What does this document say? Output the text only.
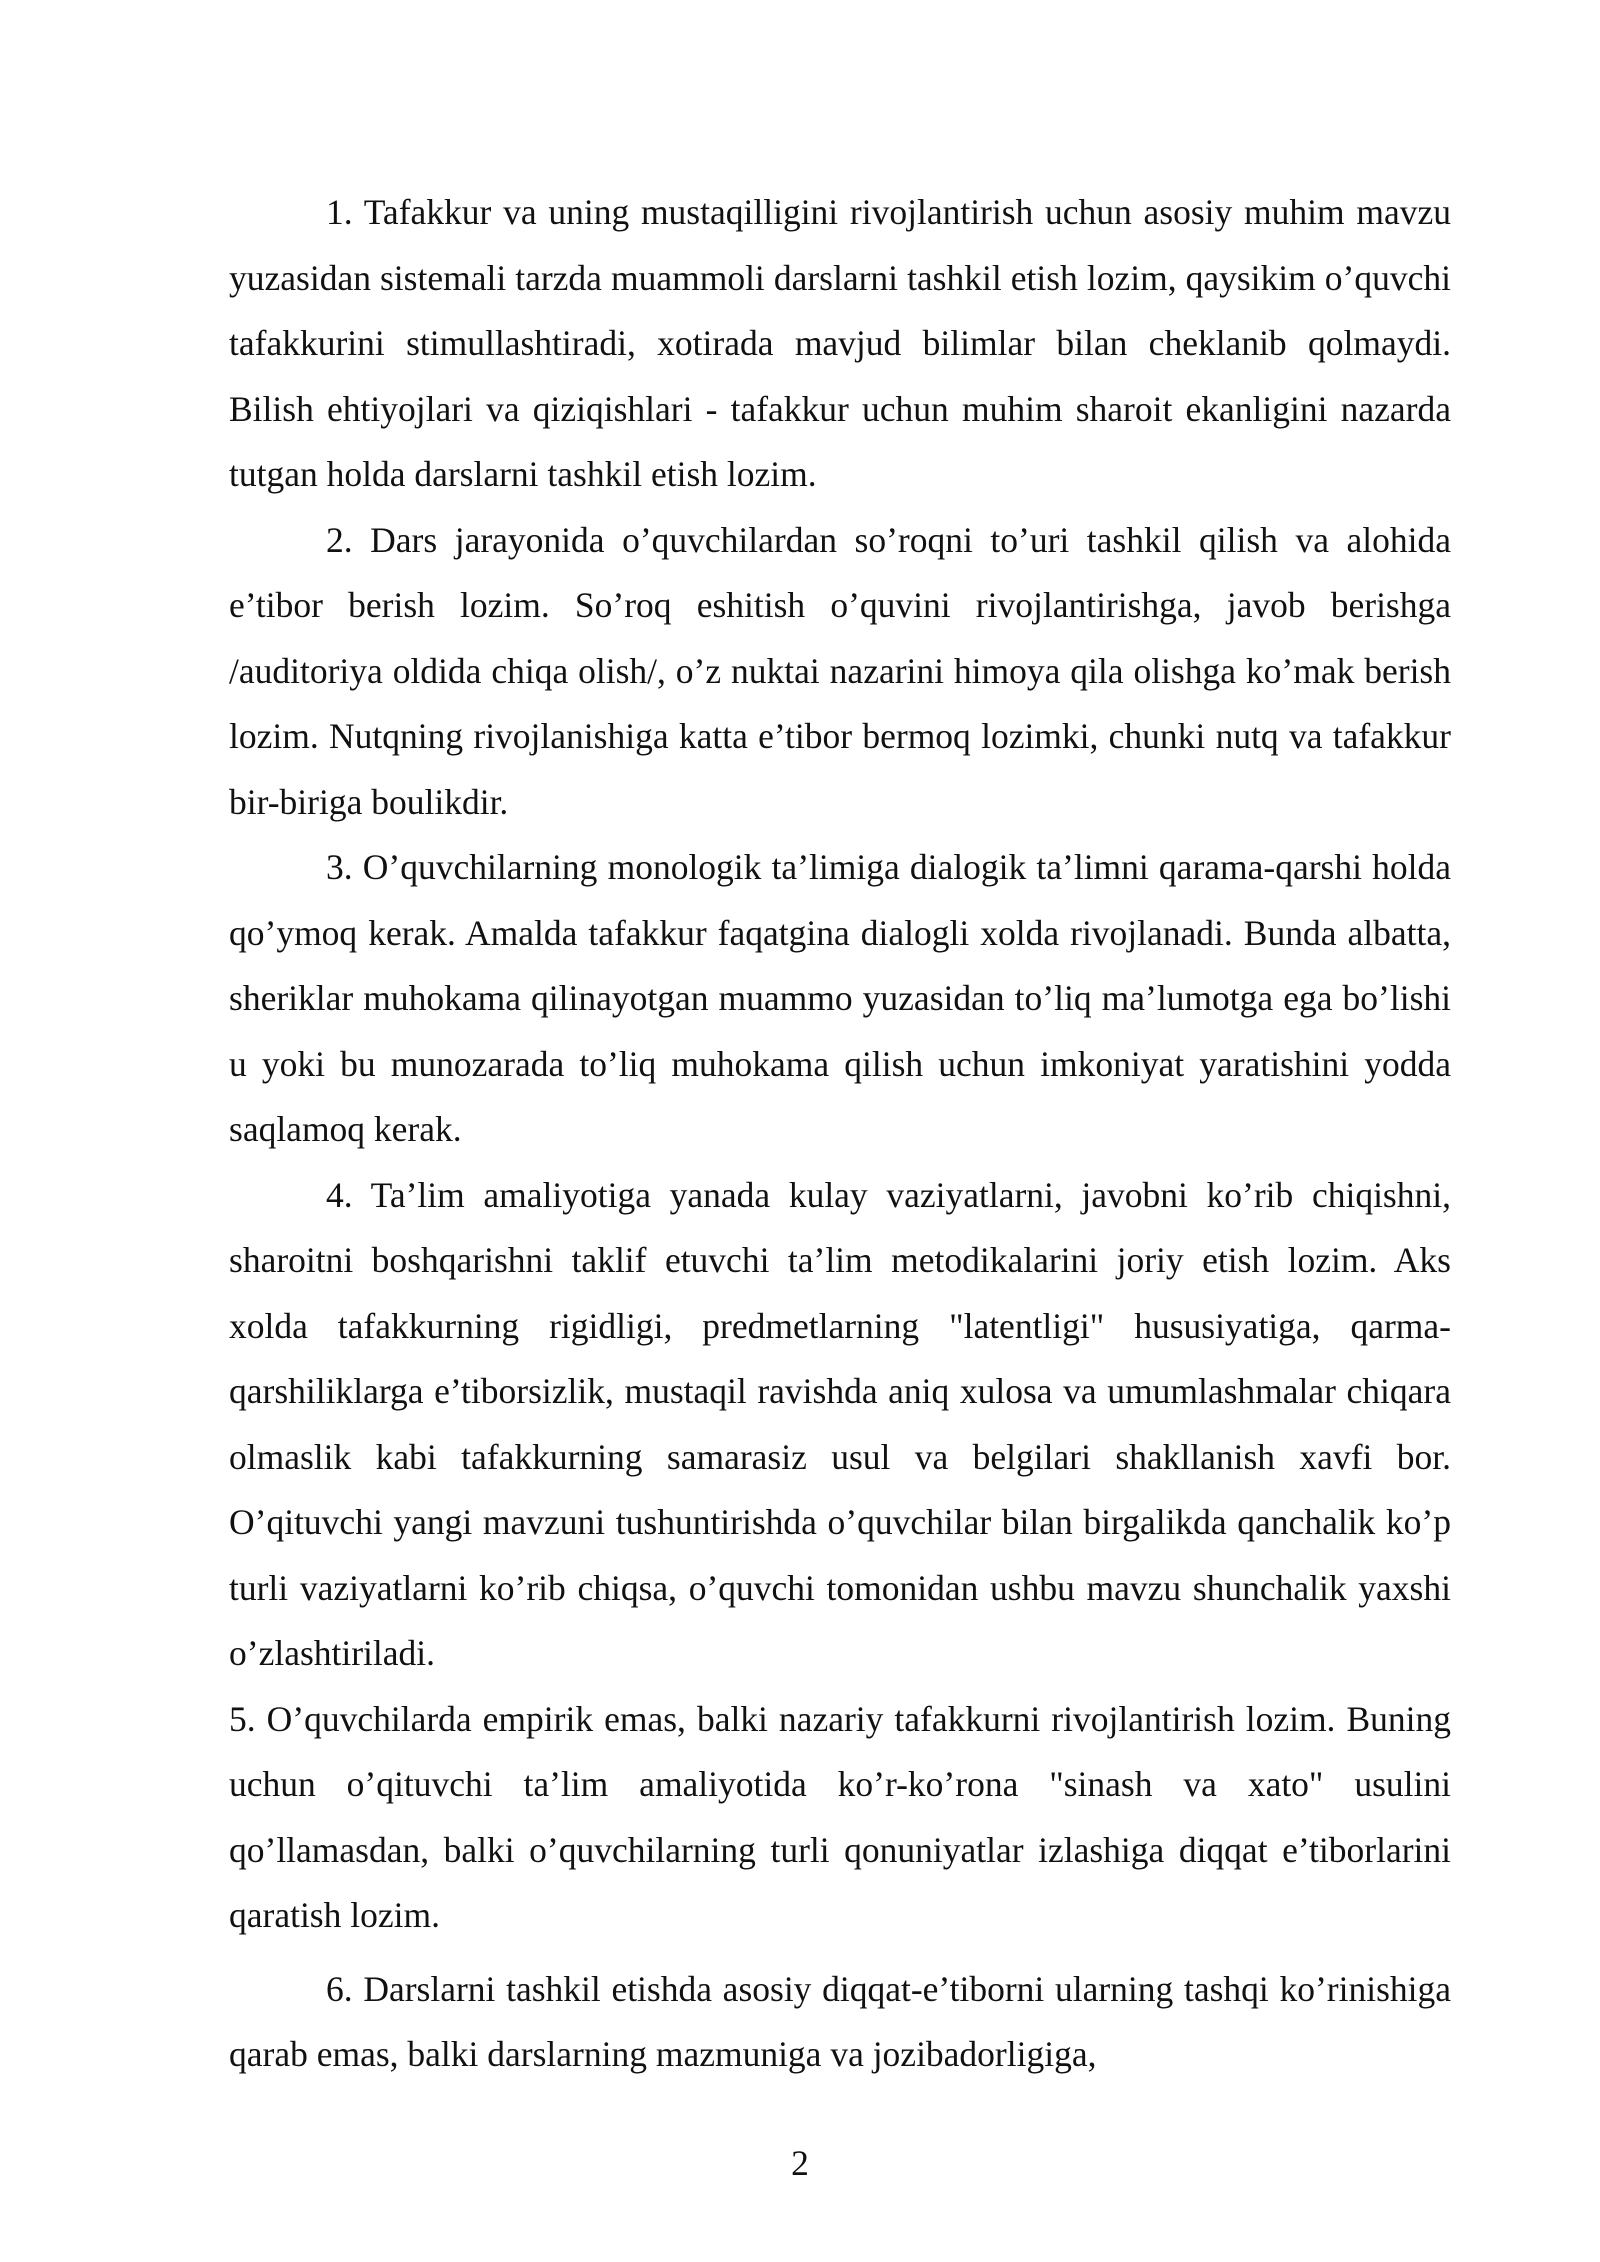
1. Tafakkur va uning mustaqilligini rivojlantirish uchun asosiy muhim mavzu yuzasidan sistemali tarzda muammoli darslarni tashkil etish lozim, qaysikim o’quvchi tafakkurini stimullashtiradi, xotirada mavjud bilimlar bilan cheklanib qolmaydi. Bilish ehtiyojlari va qiziqishlari - tafakkur uchun muhim sharoit ekanligini nazarda tutgan holda darslarni tashkil etish lozim.

2. Dars jarayonida o’quvchilardan so’roqni to’uri tashkil qilish va alohida e’tibor berish lozim. So’roq eshitish o’quvini rivojlantirishga, javob berishga /auditoriya oldida chiqa olish/, o’z nuktai nazarini himoya qila olishga ko’mak berish lozim. Nutqning rivojlanishiga katta e’tibor bermoq lozimki, chunki nutq va tafakkur bir-biriga boulikdir.

3. O’quvchilarning monologik ta’limiga dialogik ta’limni qarama-qarshi holda qo’ymoq kerak. Amalda tafakkur faqatgina dialogli xolda rivojlanadi. Bunda albatta, sheriklar muhokama qilinayotgan muammo yuzasidan to’liq ma’lumotga ega bo’lishi u yoki bu munozarada to’liq muhokama qilish uchun imkoniyat yaratishini yodda saqlamoq kerak.

4. Ta’lim amaliyotiga yanada kulay vaziyatlarni, javobni ko’rib chiqishni, sharoitni boshqarishni taklif etuvchi ta’lim metodikalarini joriy etish lozim. Aks xolda tafakkurning rigidligi, predmetlarning "latentligi" hususiyatiga, qarma-qarshiliklarga e’tiborsizlik, mustaqil ravishda aniq xulosa va umumlashmalar chiqara olmaslik kabi tafakkurning samarasiz usul va belgilari shakllanish xavfi bor. O’qituvchi yangi mavzuni tushuntirishda o’quvchilar bilan birgalikda qanchalik ko’p turli vaziyatlarni ko’rib chiqsa, o’quvchi tomonidan ushbu mavzu shunchalik yaxshi o’zlashtiriladi.

5. O’quvchilarda empirik emas, balki nazariy tafakkurni rivojlantirish lozim. Buning uchun o’qituvchi ta’lim amaliyotida ko’r-ko’rona "sinash va xato" usulini qo’llamasdan, balki o’quvchilarning turli qonuniyatlar izlashiga diqqat e’tiborlarini qaratish lozim.

6. Darslarni tashkil etishda asosiy diqqat-e’tiborni ularning tashqi ko’rinishiga qarab emas, balki darslarning mazmuniga va jozibadorligiga,

2
